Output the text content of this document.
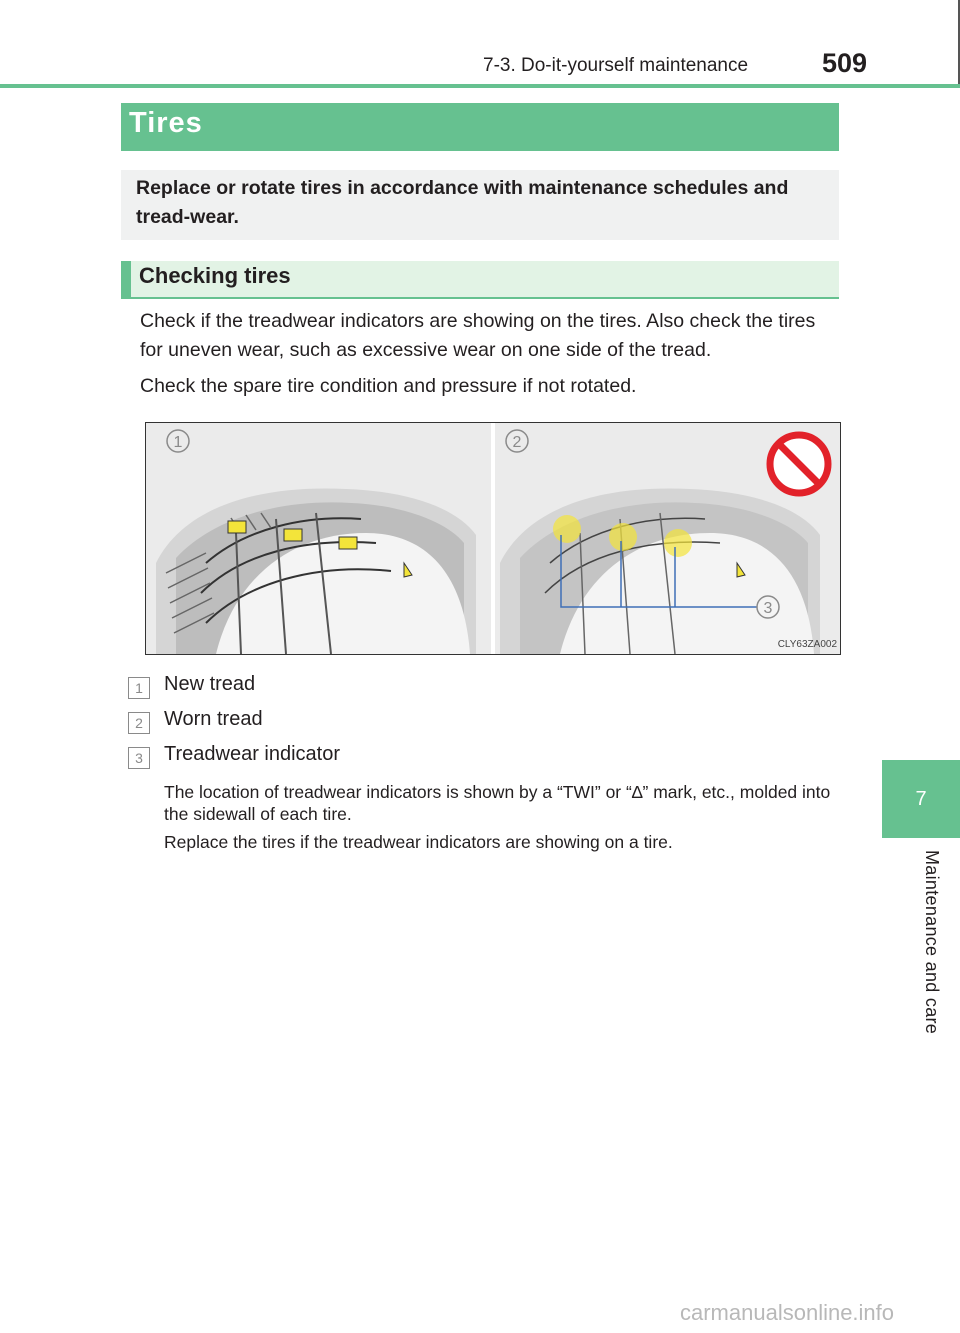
7-3. Do-it-yourself maintenance	509
7
Maintenance and care
Tires
Replace or rotate tires in accordance with maintenance schedules and tread-wear.
Checking tires
Check if the treadwear indicators are showing on the tires. Also check the tires for uneven wear, such as excessive wear on one side of the tread.
Check the spare tire condition and pressure if not rotated.
1
3
2
CLY63ZA002
1	New tread
2	Worn tread
3	Treadwear indicator
The location of treadwear indicators is shown by a “TWI” or “∆” mark, etc., molded into the sidewall of each tire.
Replace the tires if the treadwear indicators are showing on a tire.
carmanualsonline.info
